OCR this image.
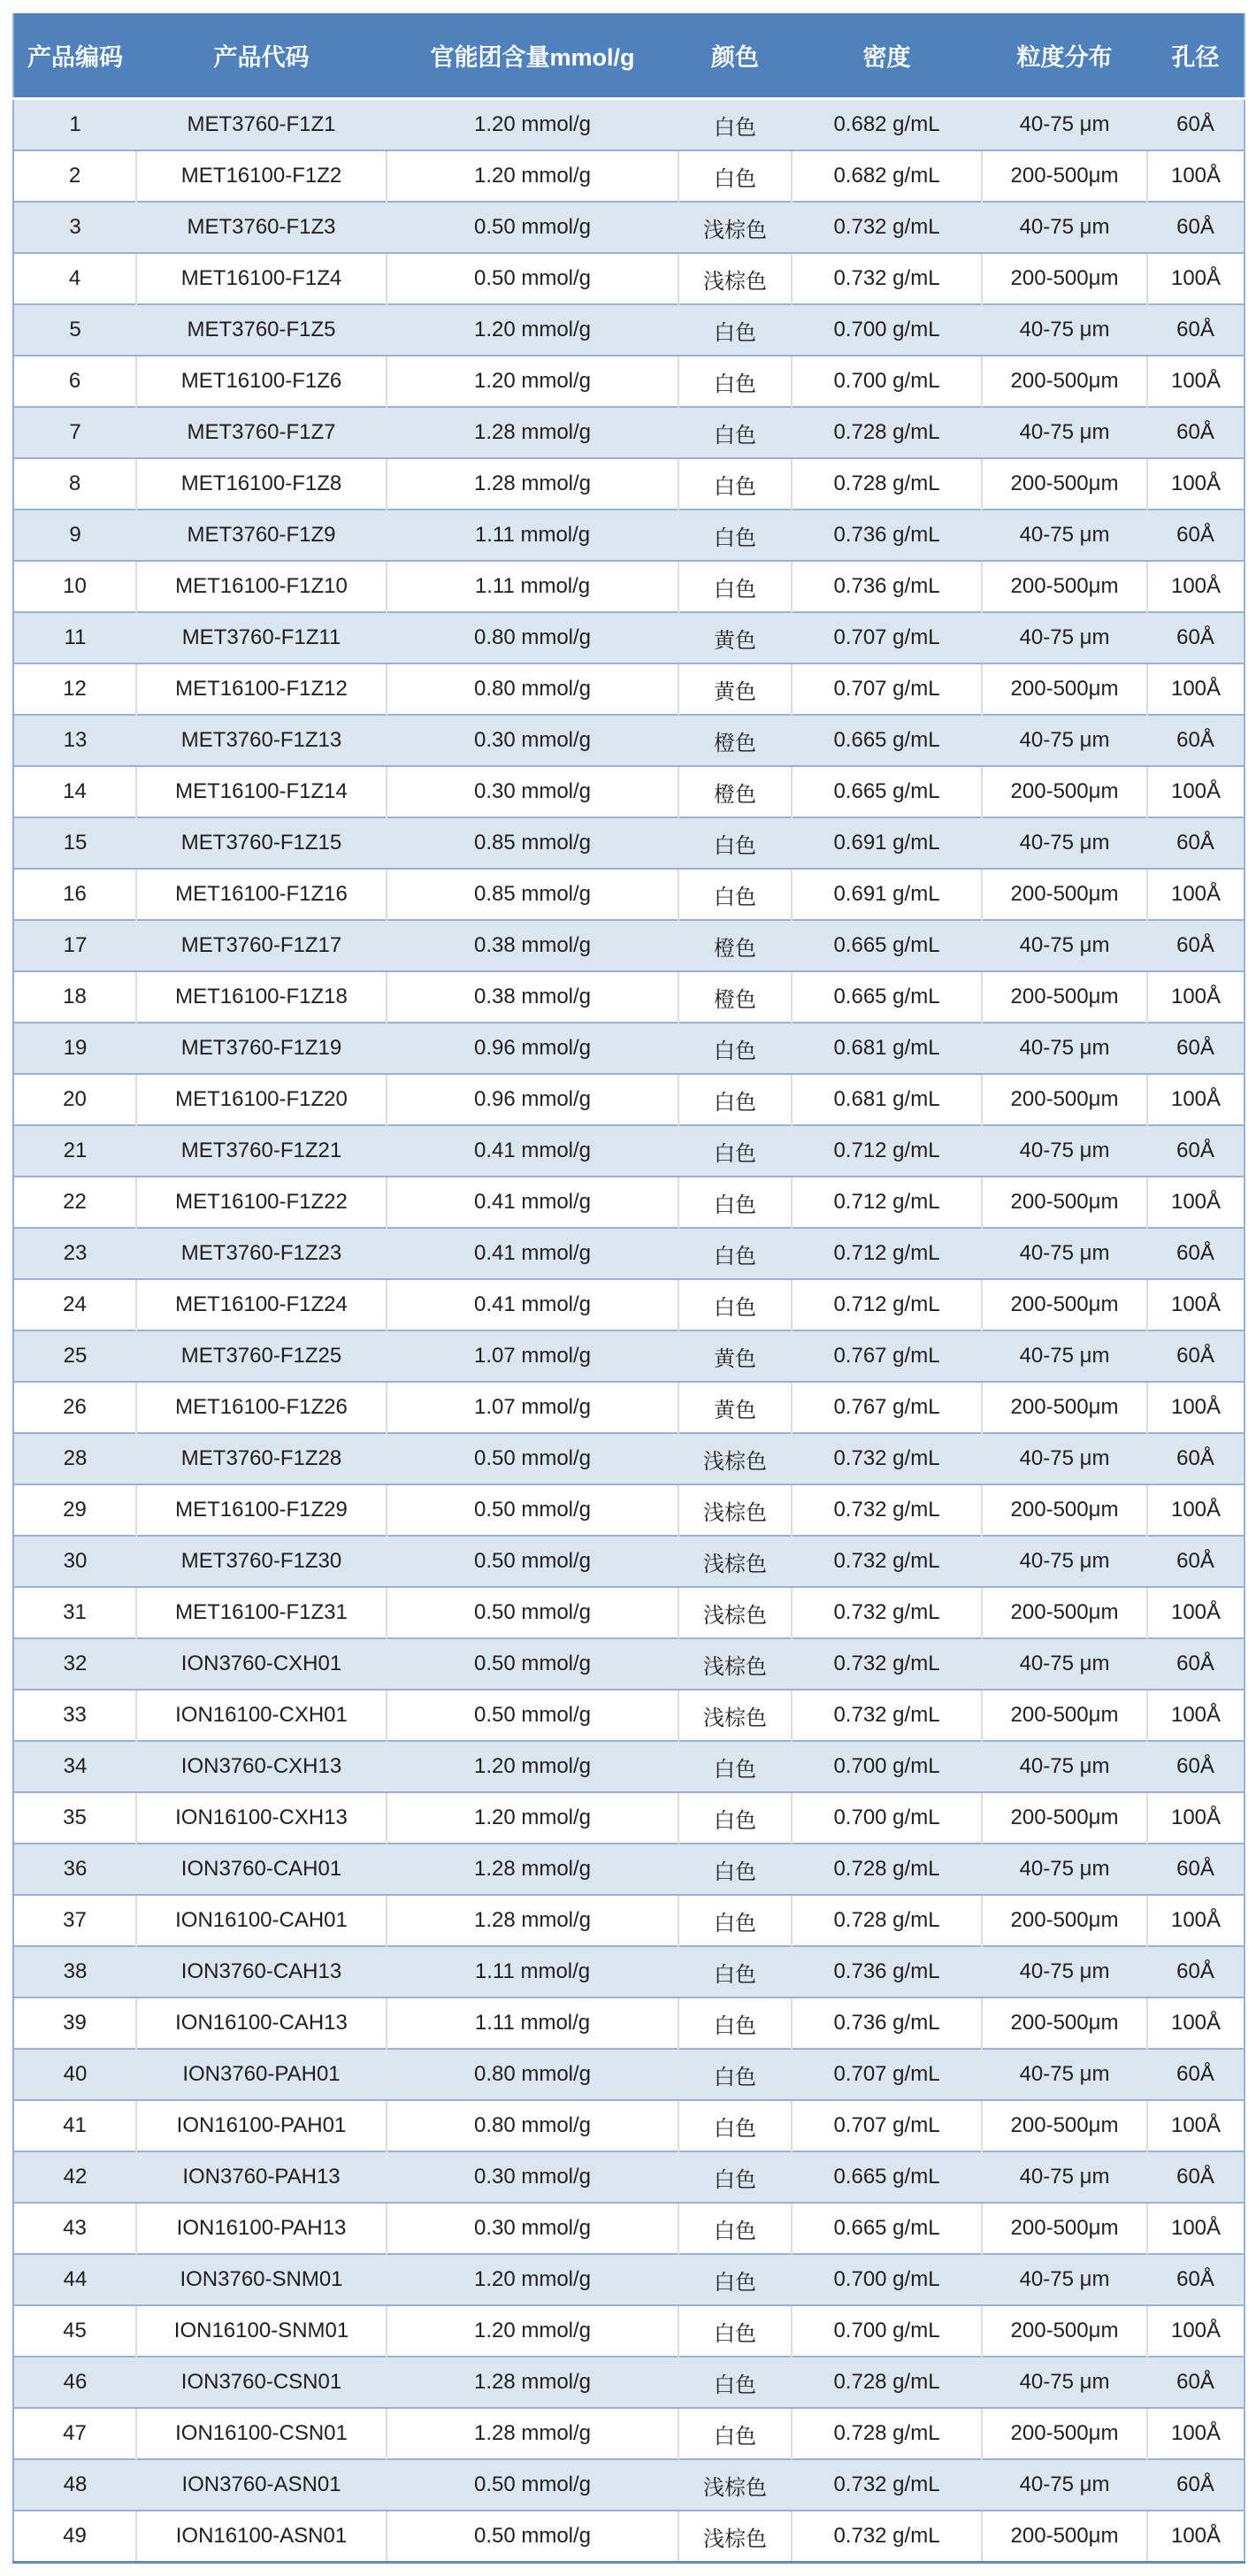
产品编码	产品代码	官能团含量mmol/g	颜色	密度	粒度分布	孔径
1	MET3760-F1Z1	1.20 mmol/g	白色	0.682 g/mL	40-75 μm	60Å
2	MET16100-F1Z2	1.20 mmol/g	白色	0.682 g/mL	200-500μm	100Å
3	MET3760-F1Z3	0.50 mmol/g	浅棕色	0.732 g/mL	40-75 μm	60Å
4	MET16100-F1Z4	0.50 mmol/g	浅棕色	0.732 g/mL	200-500μm	100Å
5	MET3760-F1Z5	1.20 mmol/g	白色	0.700 g/mL	40-75 μm	60Å
6	MET16100-F1Z6	1.20 mmol/g	白色	0.700 g/mL	200-500μm	100Å
7	MET3760-F1Z7	1.28 mmol/g	白色	0.728 g/mL	40-75 μm	60Å
8	MET16100-F1Z8	1.28 mmol/g	白色	0.728 g/mL	200-500μm	100Å
9	MET3760-F1Z9	1.11 mmol/g	白色	0.736 g/mL	40-75 μm	60Å
10	MET16100-F1Z10	1.11 mmol/g	白色	0.736 g/mL	200-500μm	100Å
11	MET3760-F1Z11	0.80 mmol/g	黄色	0.707 g/mL	40-75 μm	60Å
12	MET16100-F1Z12	0.80 mmol/g	黄色	0.707 g/mL	200-500μm	100Å
13	MET3760-F1Z13	0.30 mmol/g	橙色	0.665 g/mL	40-75 μm	60Å
14	MET16100-F1Z14	0.30 mmol/g	橙色	0.665 g/mL	200-500μm	100Å
15	MET3760-F1Z15	0.85 mmol/g	白色	0.691 g/mL	40-75 μm	60Å
16	MET16100-F1Z16	0.85 mmol/g	白色	0.691 g/mL	200-500μm	100Å
17	MET3760-F1Z17	0.38 mmol/g	橙色	0.665 g/mL	40-75 μm	60Å
18	MET16100-F1Z18	0.38 mmol/g	橙色	0.665 g/mL	200-500μm	100Å
19	MET3760-F1Z19	0.96 mmol/g	白色	0.681 g/mL	40-75 μm	60Å
20	MET16100-F1Z20	0.96 mmol/g	白色	0.681 g/mL	200-500μm	100Å
21	MET3760-F1Z21	0.41 mmol/g	白色	0.712 g/mL	40-75 μm	60Å
22	MET16100-F1Z22	0.41 mmol/g	白色	0.712 g/mL	200-500μm	100Å
23	MET3760-F1Z23	0.41 mmol/g	白色	0.712 g/mL	40-75 μm	60Å
24	MET16100-F1Z24	0.41 mmol/g	白色	0.712 g/mL	200-500μm	100Å
25	MET3760-F1Z25	1.07 mmol/g	黄色	0.767 g/mL	40-75 μm	60Å
26	MET16100-F1Z26	1.07 mmol/g	黄色	0.767 g/mL	200-500μm	100Å
28	MET3760-F1Z28	0.50 mmol/g	浅棕色	0.732 g/mL	40-75 μm	60Å
29	MET16100-F1Z29	0.50 mmol/g	浅棕色	0.732 g/mL	200-500μm	100Å
30	MET3760-F1Z30	0.50 mmol/g	浅棕色	0.732 g/mL	40-75 μm	60Å
31	MET16100-F1Z31	0.50 mmol/g	浅棕色	0.732 g/mL	200-500μm	100Å
32	ION3760-CXH01	0.50 mmol/g	浅棕色	0.732 g/mL	40-75 μm	60Å
33	ION16100-CXH01	0.50 mmol/g	浅棕色	0.732 g/mL	200-500μm	100Å
34	ION3760-CXH13	1.20 mmol/g	白色	0.700 g/mL	40-75 μm	60Å
35	ION16100-CXH13	1.20 mmol/g	白色	0.700 g/mL	200-500μm	100Å
36	ION3760-CAH01	1.28 mmol/g	白色	0.728 g/mL	40-75 μm	60Å
37	ION16100-CAH01	1.28 mmol/g	白色	0.728 g/mL	200-500μm	100Å
38	ION3760-CAH13	1.11 mmol/g	白色	0.736 g/mL	40-75 μm	60Å
39	ION16100-CAH13	1.11 mmol/g	白色	0.736 g/mL	200-500μm	100Å
40	ION3760-PAH01	0.80 mmol/g	白色	0.707 g/mL	40-75 μm	60Å
41	ION16100-PAH01	0.80 mmol/g	白色	0.707 g/mL	200-500μm	100Å
42	ION3760-PAH13	0.30 mmol/g	白色	0.665 g/mL	40-75 μm	60Å
43	ION16100-PAH13	0.30 mmol/g	白色	0.665 g/mL	200-500μm	100Å
44	ION3760-SNM01	1.20 mmol/g	白色	0.700 g/mL	40-75 μm	60Å
45	ION16100-SNM01	1.20 mmol/g	白色	0.700 g/mL	200-500μm	100Å
46	ION3760-CSN01	1.28 mmol/g	白色	0.728 g/mL	40-75 μm	60Å
47	ION16100-CSN01	1.28 mmol/g	白色	0.728 g/mL	200-500μm	100Å
48	ION3760-ASN01	0.50 mmol/g	浅棕色	0.732 g/mL	40-75 μm	60Å
49	ION16100-ASN01	0.50 mmol/g	浅棕色	0.732 g/mL	200-500μm	100Å
